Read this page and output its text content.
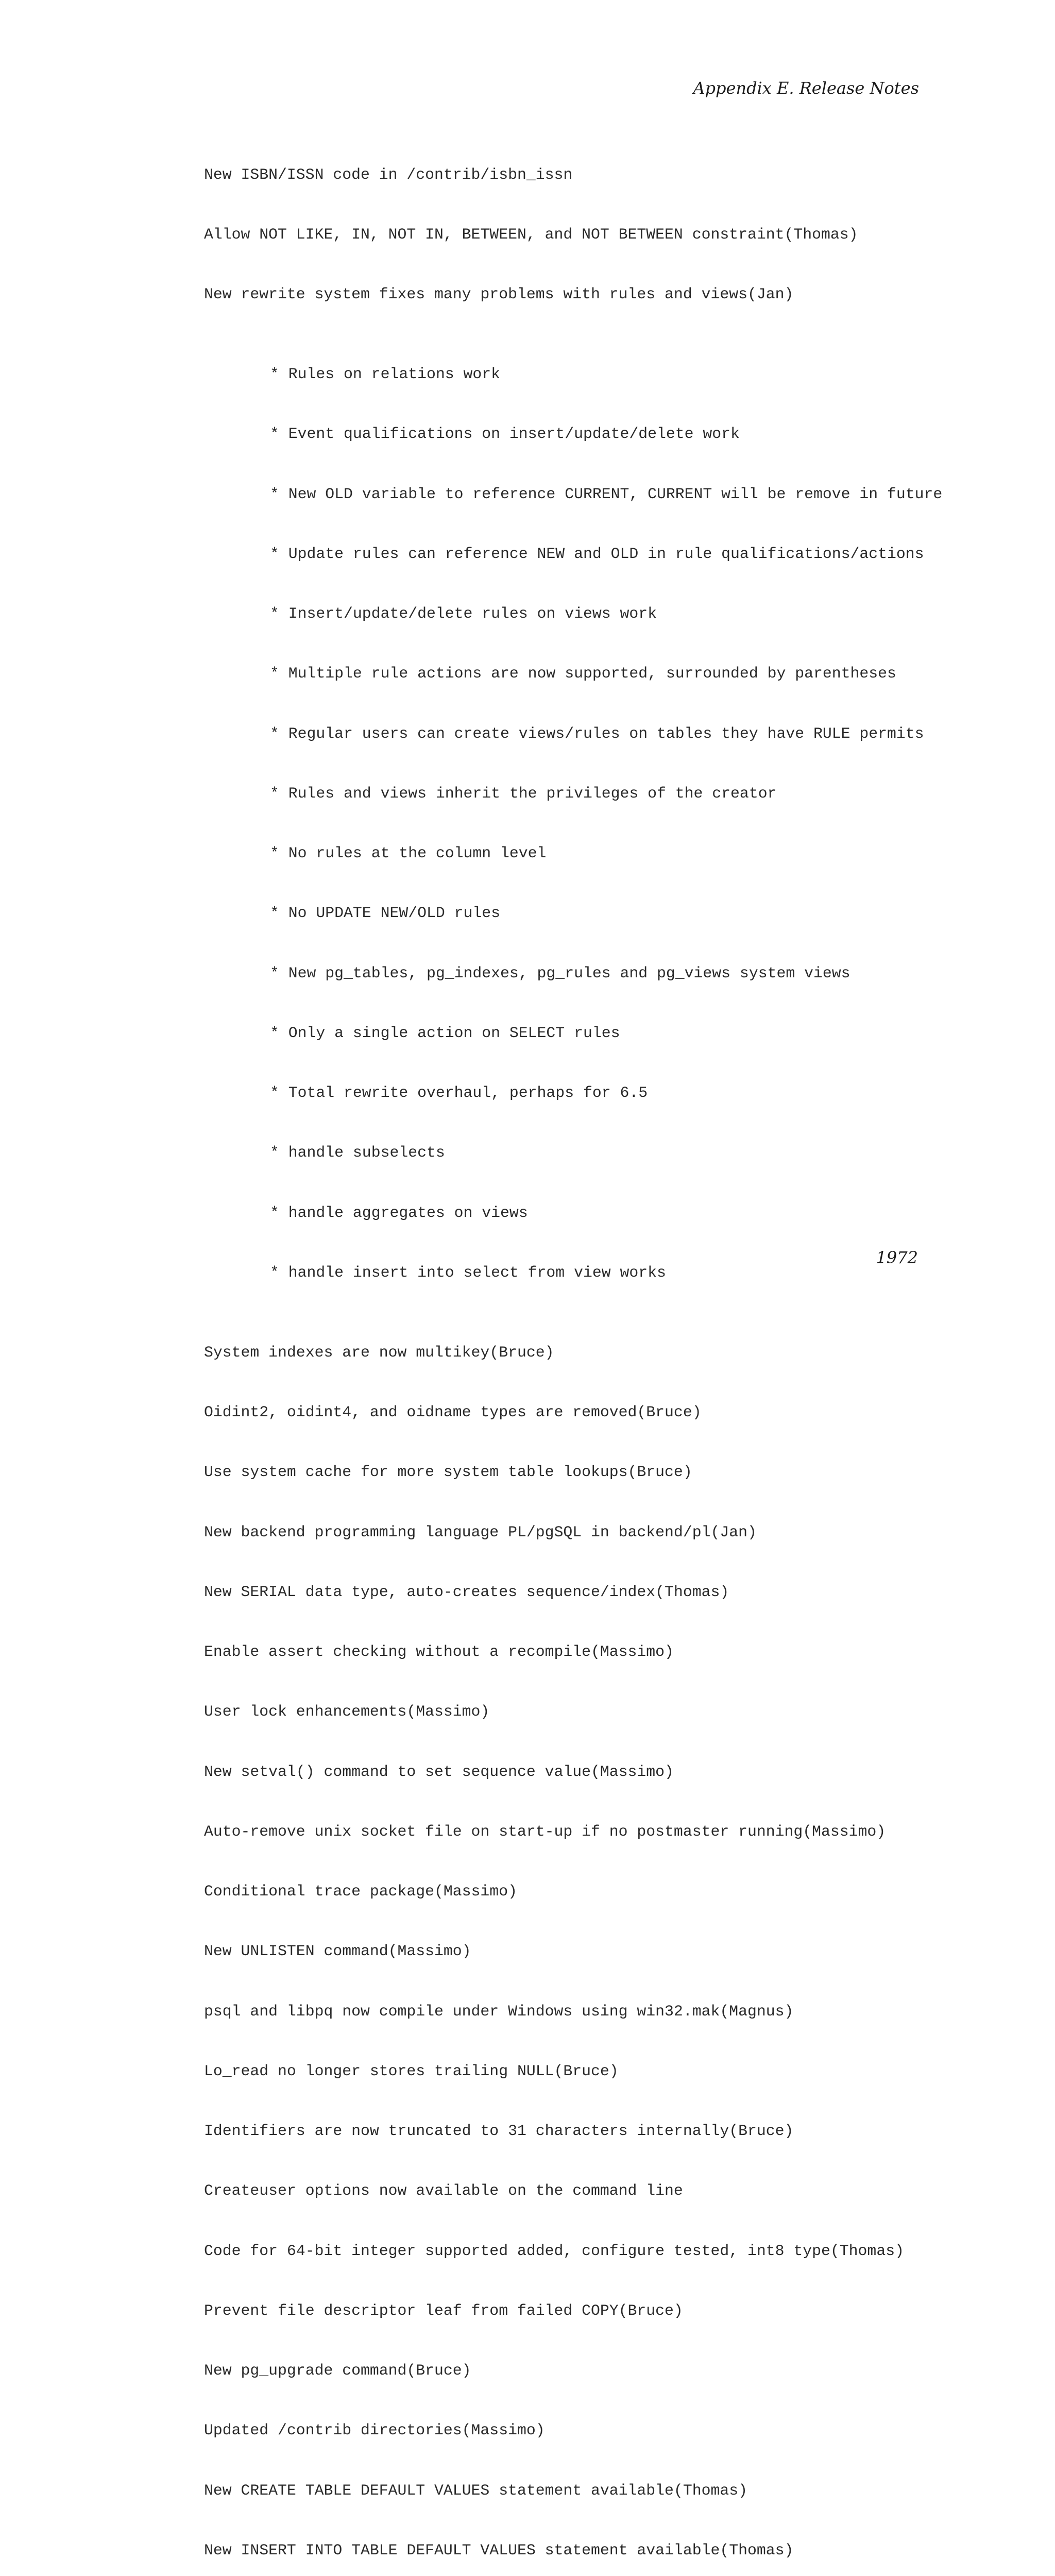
Appendix E. Release Notes

New ISBN/ISSN code in /contrib/isbn_issn

Allow NOT LIKE, IN, NOT IN, BETWEEN, and NOT BETWEEN constraint(Thomas)

New rewrite system fixes many problems with rules and views(Jan)

* Rules on relations work

* Event qualifications on insert/update/delete work

* New OLD variable to reference CURRENT, CURRENT will be remove in future

* Update rules can reference NEW and OLD in rule qualifications/actions

* Insert/update/delete rules on views work

* Multiple rule actions are now supported, surrounded by parentheses

* Regular users can create views/rules on tables they have RULE permits

* Rules and views inherit the privileges of the creator

* No rules at the column level

* No UPDATE NEW/OLD rules

* New pg_tables, pg_indexes, pg_rules and pg_views system views

* Only a single action on SELECT rules

* Total rewrite overhaul, perhaps for 6.5

* handle subselects

* handle aggregates on views

* handle insert into select from view works

System indexes are now multikey(Bruce)

Oidint2, oidint4, and oidname types are removed(Bruce)

Use system cache for more system table lookups(Bruce)

New backend programming language PL/pgSQL in backend/pl(Jan)

New SERIAL data type, auto-creates sequence/index(Thomas)

Enable assert checking without a recompile(Massimo)

User lock enhancements(Massimo)

New setval() command to set sequence value(Massimo)

Auto-remove unix socket file on start-up if no postmaster running(Massimo)

Conditional trace package(Massimo)

New UNLISTEN command(Massimo)

psql and libpq now compile under Windows using win32.mak(Magnus)

Lo_read no longer stores trailing NULL(Bruce)

Identifiers are now truncated to 31 characters internally(Bruce)

Createuser options now available on the command line

Code for 64-bit integer supported added, configure tested, int8 type(Thomas)

Prevent file descriptor leaf from failed COPY(Bruce)

New pg_upgrade command(Bruce)

Updated /contrib directories(Massimo)

New CREATE TABLE DEFAULT VALUES statement available(Thomas)

New INSERT INTO TABLE DEFAULT VALUES statement available(Thomas)

1972
